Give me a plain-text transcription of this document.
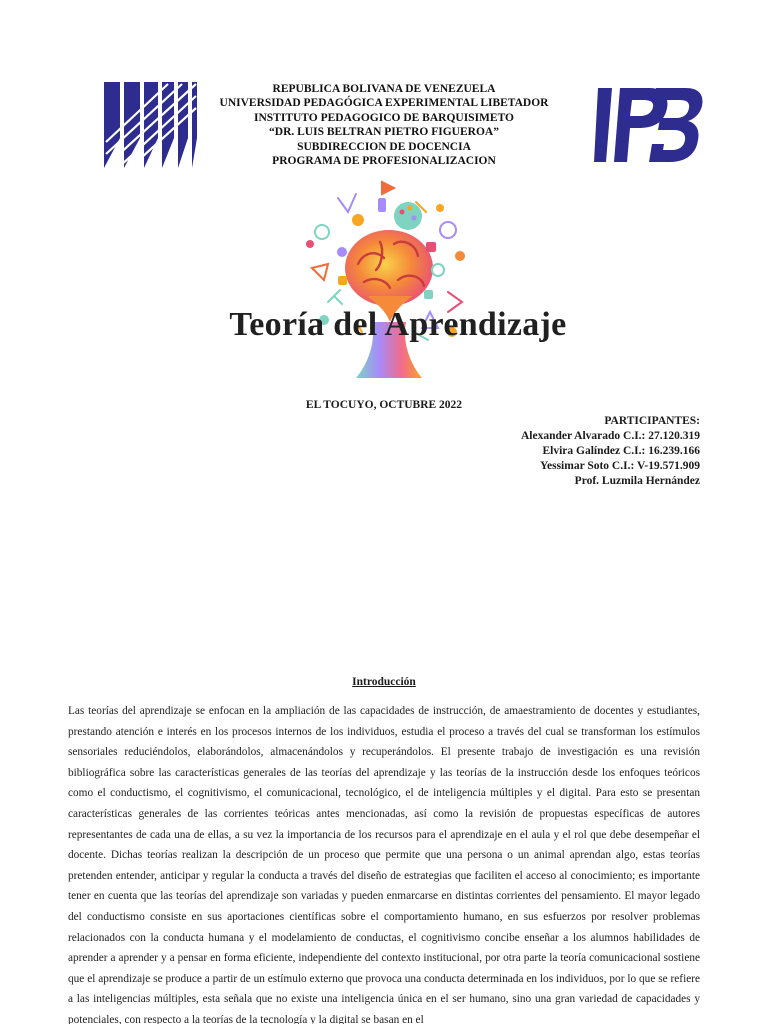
REPUBLICA BOLIVANA DE VENEZUELA
UNIVERSIDAD PEDAGÓGICA EXPERIMENTAL LIBETADOR
INSTITUTO PEDAGOGICO DE BARQUISIMETO
“DR. LUIS BELTRAN PIETRO FIGUEROA”
SUBDIRECCION DE DOCENCIA
PROGRAMA DE PROFESIONALIZACION
Teoría del Aprendizaje
EL TOCUYO, OCTUBRE 2022
PARTICIPANTES:
Alexander Alvarado C.I.: 27.120.319
Elvira Galíndez C.I.: 16.239.166
Yessimar Soto C.I.: V-19.571.909
Prof. Luzmila Hernández
Introducción
Las teorías del aprendizaje se enfocan en la ampliación de las capacidades de instrucción, de amaestramiento de docentes y estudiantes, prestando atención e interés en los procesos internos de los individuos, estudia el proceso a través del cual se transforman los estímulos sensoriales reduciéndolos, elaborándolos, almacenándolos y recuperándolos. El presente trabajo de investigación es una revisión bibliográfica sobre las características generales de las teorías del aprendizaje y las teorías de la instrucción desde los enfoques teóricos como el conductismo, el cognitivismo, el comunicacional, tecnológico, el de inteligencia múltiples y el digital. Para esto se presentan características generales de las corrientes teóricas antes mencionadas, así como la revisión de propuestas específicas de autores representantes de cada una de ellas, a su vez la importancia de los recursos para el aprendizaje en el aula y el rol que debe desempeñar el docente. Dichas teorías realizan la descripción de un proceso que permite que una persona o un animal aprendan algo, estas teorías pretenden entender, anticipar y regular la conducta a través del diseño de estrategias que faciliten el acceso al conocimiento; es importante tener en cuenta que las teorías del aprendizaje son variadas y pueden enmarcarse en distintas corrientes del pensamiento. El mayor legado del conductismo consiste en sus aportaciones científicas sobre el comportamiento humano, en sus esfuerzos por resolver problemas relacionados con la conducta humana y el modelamiento de conductas, el cognitivismo concibe enseñar a los alumnos habilidades de aprender a aprender y a pensar en forma eficiente, independiente del contexto institucional, por otra parte la teoría comunicacional sostiene que el aprendizaje se produce a partir de un estímulo externo que provoca una conducta determinada en los individuos, por lo que se refiere a las inteligencias múltiples, esta señala que no existe una inteligencia única en el ser humano, sino una gran variedad de capacidades y potenciales, con respecto a la teorías de la tecnología y la digital se basan en el
